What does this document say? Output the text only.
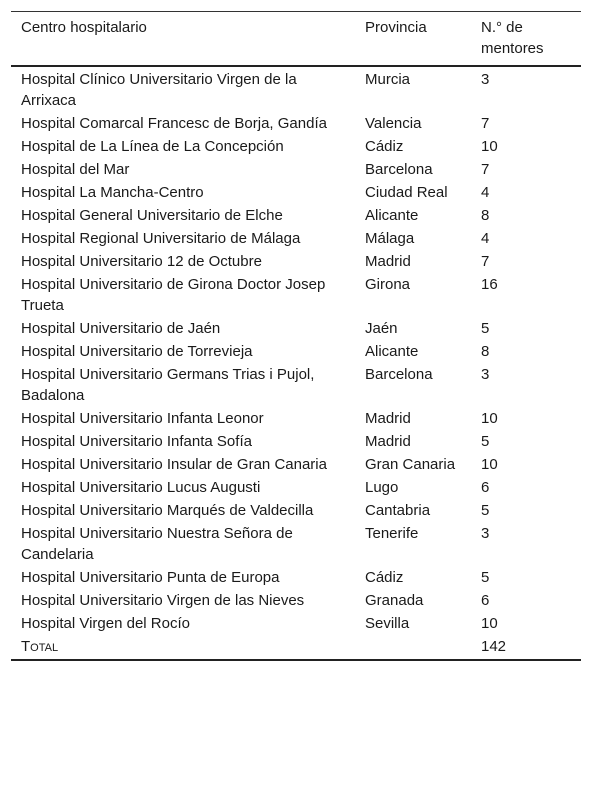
Centro hospitalario	Provincia	N.° de mentores
Hospital Clínico Universitario Virgen de la Arrixaca	Murcia	3
Hospital Comarcal Francesc de Borja, Gandía	Valencia	7
Hospital de La Línea de La Concepción	Cádiz	10
Hospital del Mar	Barcelona	7
Hospital La Mancha-Centro	Ciudad Real	4
Hospital General Universitario de Elche	Alicante	8
Hospital Regional Universitario de Málaga	Málaga	4
Hospital Universitario 12 de Octubre	Madrid	7
Hospital Universitario de Girona Doctor Josep Trueta	Girona	16
Hospital Universitario de Jaén	Jaén	5
Hospital Universitario de Torrevieja	Alicante	8
Hospital Universitario Germans Trias i Pujol, Badalona	Barcelona	3
Hospital Universitario Infanta Leonor	Madrid	10
Hospital Universitario Infanta Sofía	Madrid	5
Hospital Universitario Insular de Gran Canaria	Gran Canaria	10
Hospital Universitario Lucus Augusti	Lugo	6
Hospital Universitario Marqués de Valdecilla	Cantabria	5
Hospital Universitario Nuestra Señora de Candelaria	Tenerife	3
Hospital Universitario Punta de Europa	Cádiz	5
Hospital Universitario Virgen de las Nieves	Granada	6
Hospital Virgen del Rocío	Sevilla	10
Total		142
